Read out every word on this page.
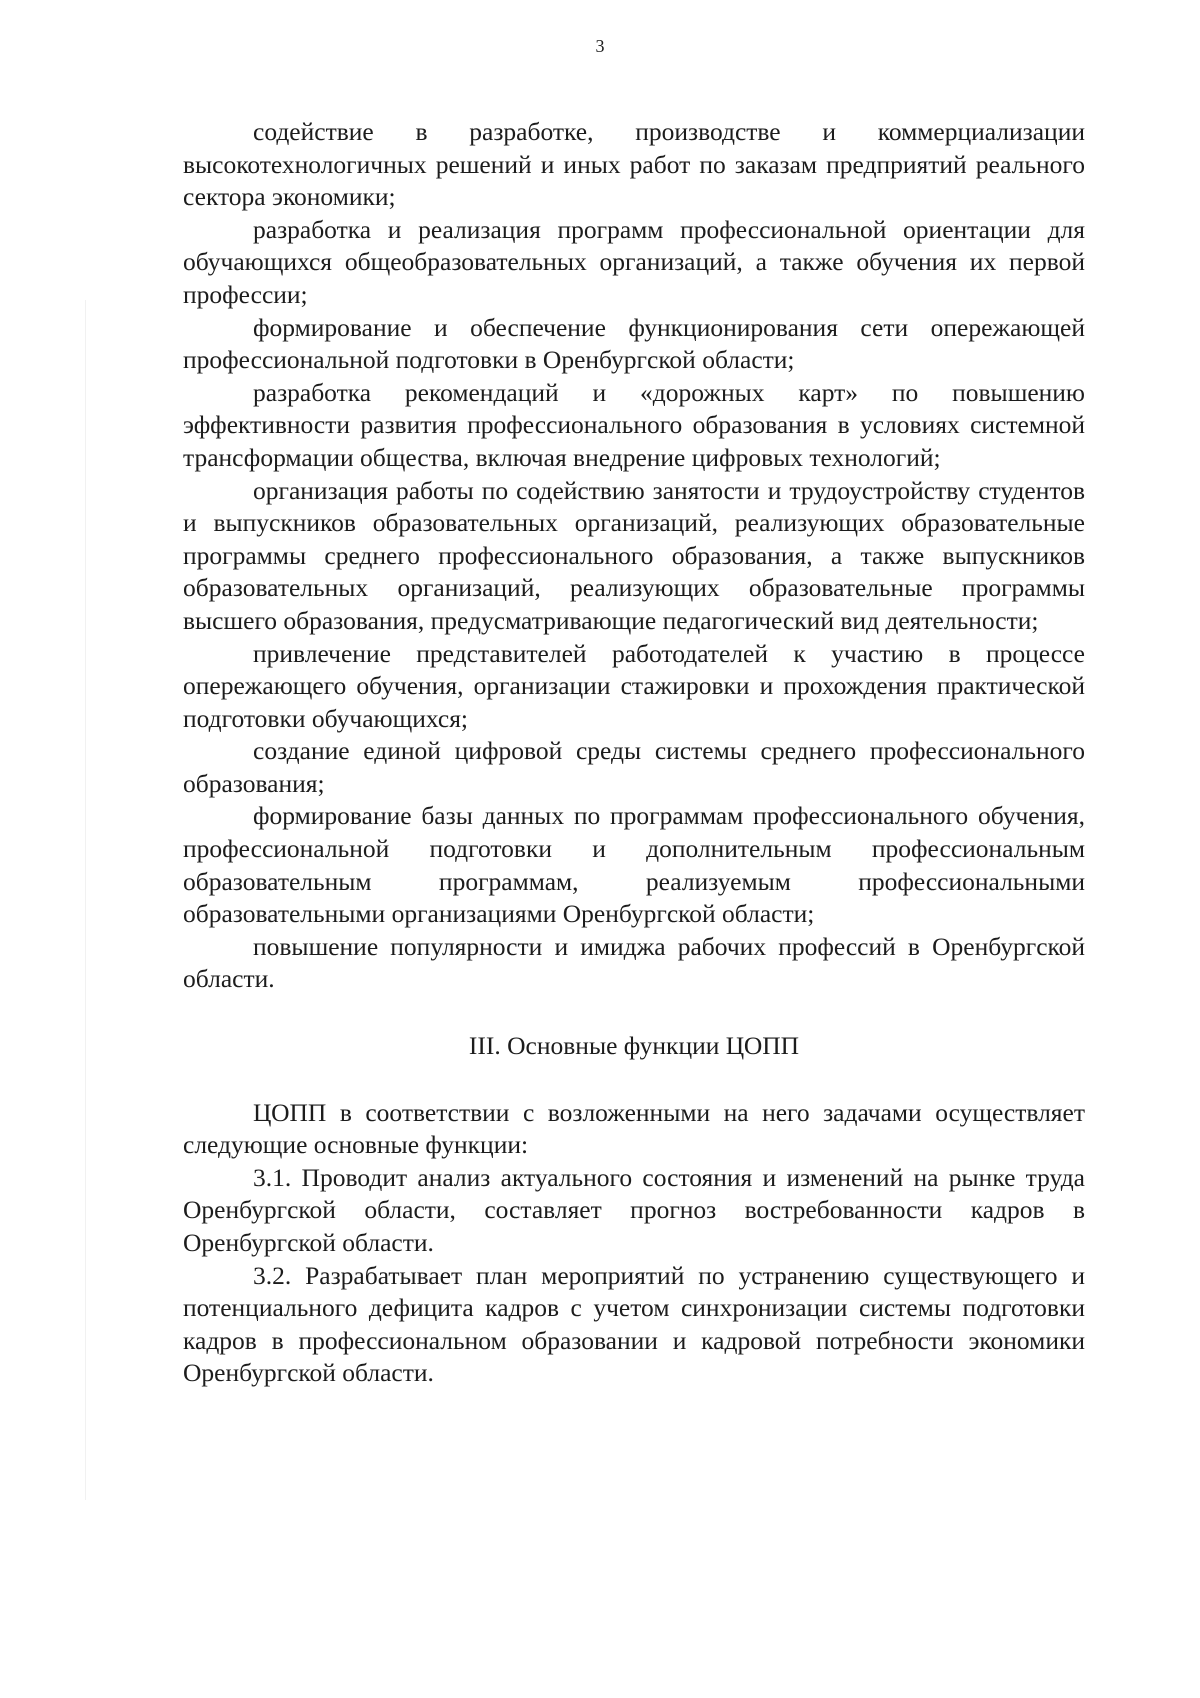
3

содействие в разработке, производстве и коммерциализации высокотехнологичных решений и иных работ по заказам предприятий реального сектора экономики;

разработка и реализация программ профессиональной ориентации для обучающихся общеобразовательных организаций, а также обучения их первой профессии;

формирование и обеспечение функционирования сети опережающей профессиональной подготовки в Оренбургской области;

разработка рекомендаций и «дорожных карт» по повышению эффективности развития профессионального образования в условиях системной трансформации общества, включая внедрение цифровых технологий;

организация работы по содействию занятости и трудоустройству студентов и выпускников образовательных организаций, реализующих образовательные программы среднего профессионального образования, а также выпускников образовательных организаций, реализующих образовательные программы высшего образования, предусматривающие педагогический вид деятельности;

привлечение представителей работодателей к участию в процессе опережающего обучения, организации стажировки и прохождения практической подготовки обучающихся;

создание единой цифровой среды системы среднего профессионального образования;

формирование базы данных по программам профессионального обучения, профессиональной подготовки и дополнительным профессиональным образовательным программам, реализуемым профессиональными образовательными организациями Оренбургской области;

повышение популярности и имиджа рабочих профессий в Оренбургской области.

III. Основные функции ЦОПП

ЦОПП в соответствии с возложенными на него задачами осуществляет следующие основные функции:

3.1. Проводит анализ актуального состояния и изменений на рынке труда Оренбургской области, составляет прогноз востребованности кадров в Оренбургской области.

3.2. Разрабатывает план мероприятий по устранению существующего и потенциального дефицита кадров с учетом синхронизации системы подготовки кадров в профессиональном образовании и кадровой потребности экономики Оренбургской области.
